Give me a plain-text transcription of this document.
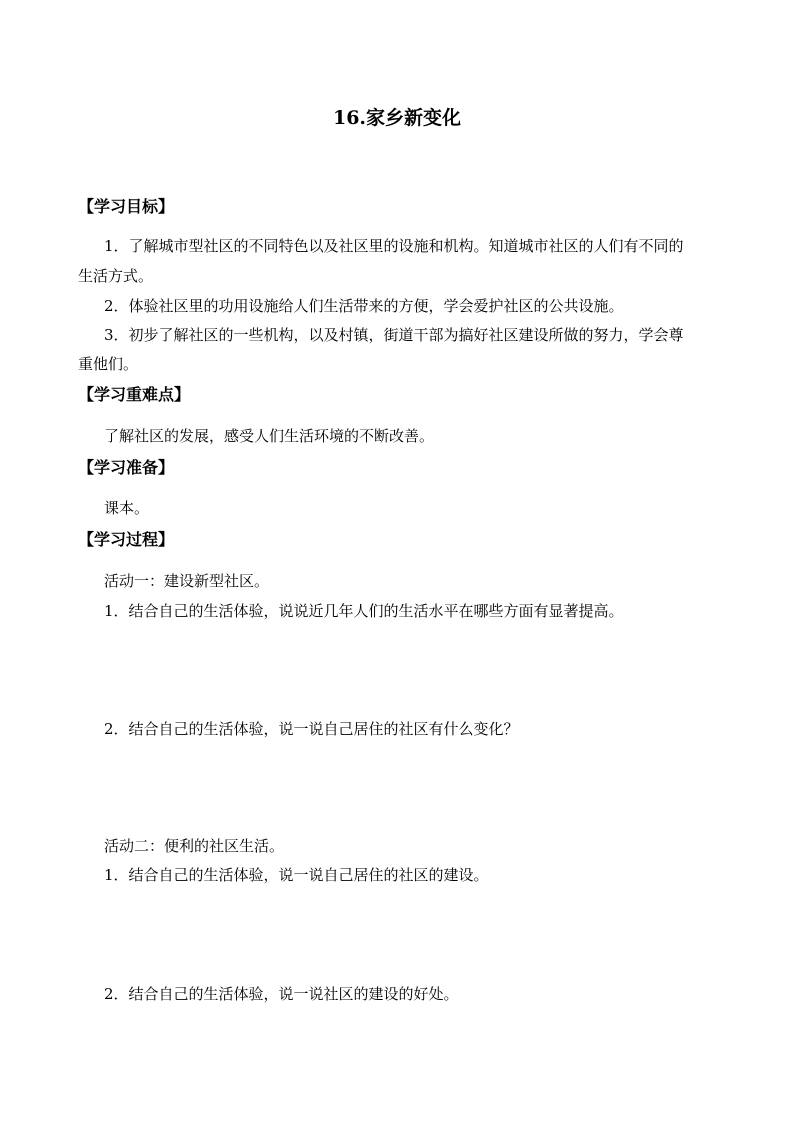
16.家乡新变化
【学习目标】
1．了解城市型社区的不同特色以及社区里的设施和机构。知道城市社区的人们有不同的
生活方式。
2．体验社区里的功用设施给人们生活带来的方便，学会爱护社区的公共设施。
3．初步了解社区的一些机构，以及村镇，街道干部为搞好社区建设所做的努力，学会尊
重他们。
【学习重难点】
了解社区的发展，感受人们生活环境的不断改善。
【学习准备】
课本。
【学习过程】
活动一：建设新型社区。
1．结合自己的生活体验，说说近几年人们的生活水平在哪些方面有显著提高。
2．结合自己的生活体验，说一说自己居住的社区有什么变化？
活动二：便利的社区生活。
1．结合自己的生活体验，说一说自己居住的社区的建设。
2．结合自己的生活体验，说一说社区的建设的好处。
